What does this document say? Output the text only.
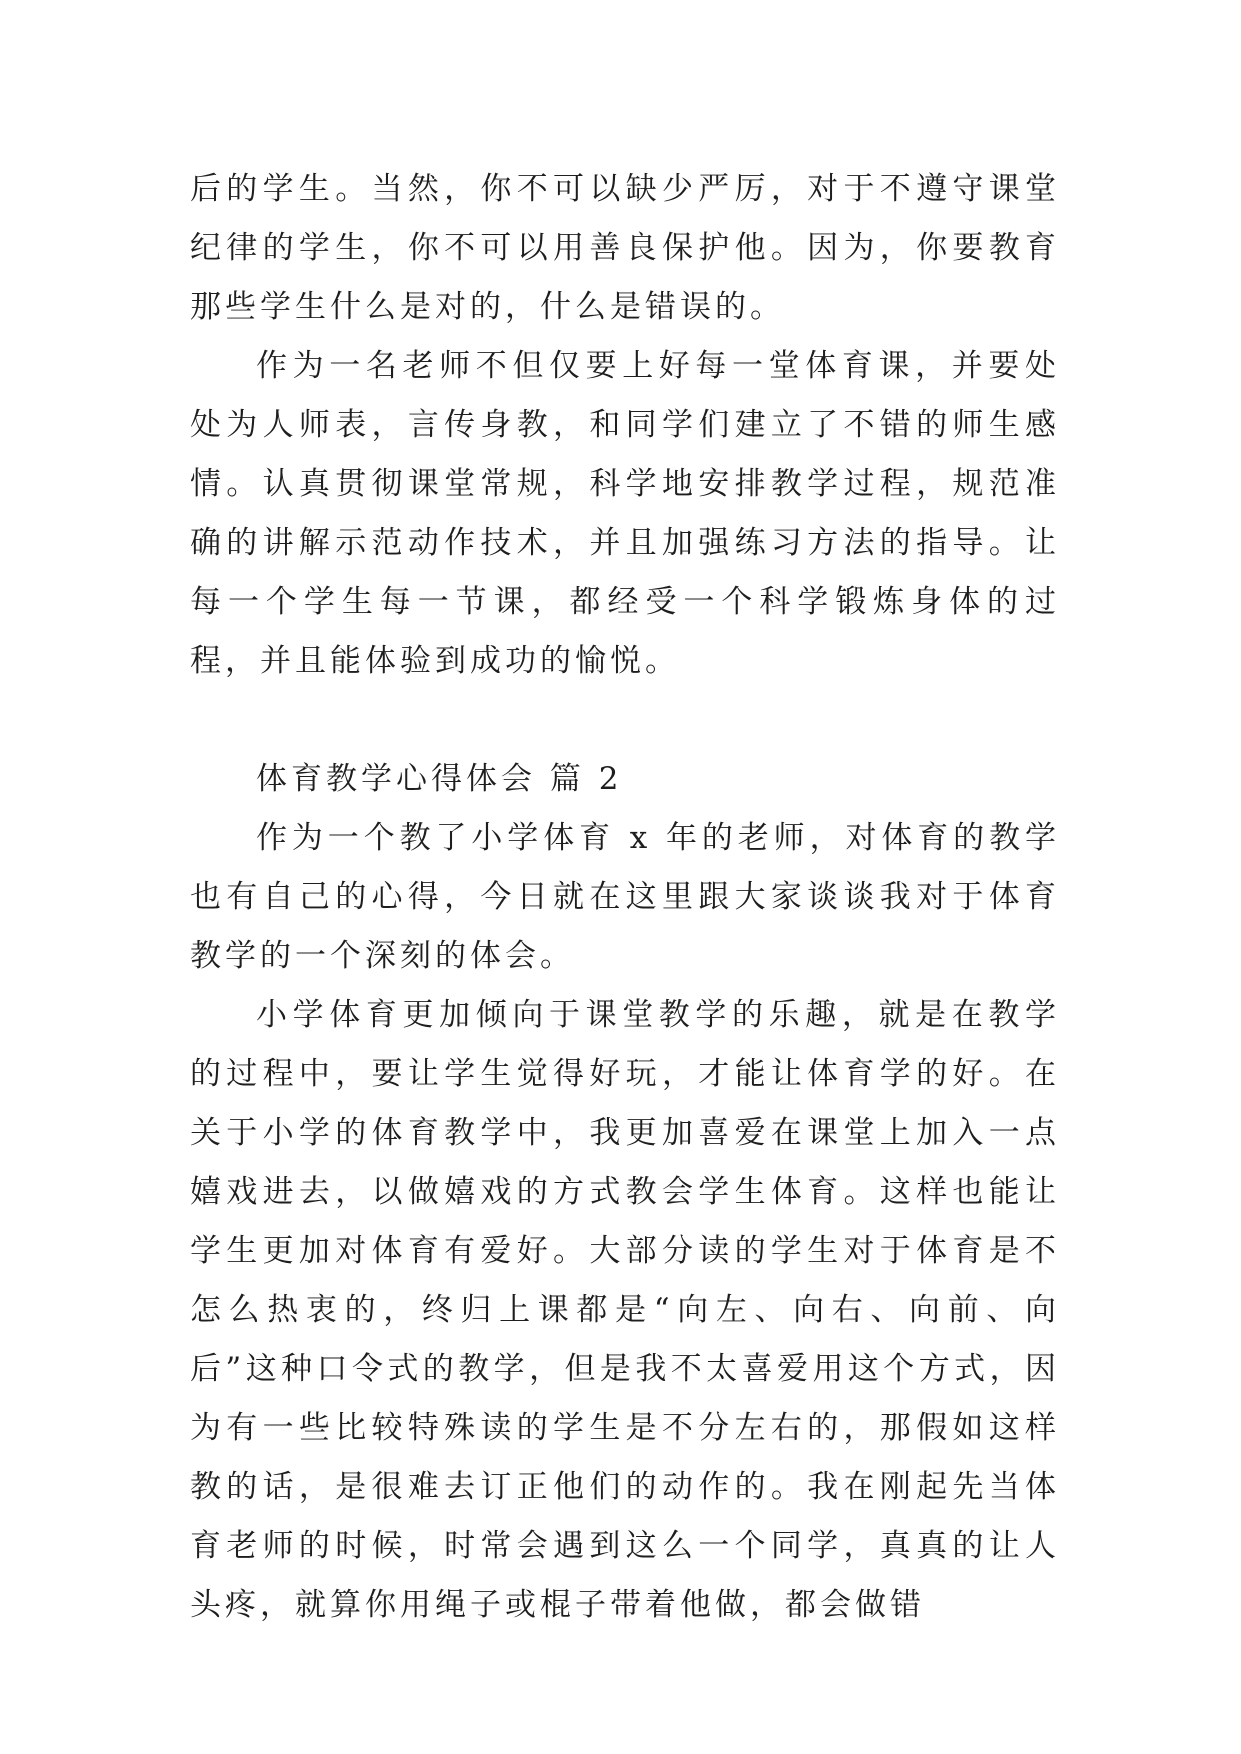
后的学生。当然，你不可以缺少严厉，对于不遵守课堂纪律的学生，你不可以用善良保护他。因为，你要教育那些学生什么是对的，什么是错误的。

作为一名老师不但仅要上好每一堂体育课，并要处处为人师表，言传身教，和同学们建立了不错的师生感情。认真贯彻课堂常规，科学地安排教学过程，规范准确的讲解示范动作技术，并且加强练习方法的指导。让每一个学生每一节课，都经受一个科学锻炼身体的过程，并且能体验到成功的愉悦。

体育教学心得体会 篇 2

作为一个教了小学体育 x 年的老师，对体育的教学也有自己的心得，今日就在这里跟大家谈谈我对于体育教学的一个深刻的体会。

小学体育更加倾向于课堂教学的乐趣，就是在教学的过程中，要让学生觉得好玩，才能让体育学的好。在关于小学的体育教学中，我更加喜爱在课堂上加入一点嬉戏进去，以做嬉戏的方式教会学生体育。这样也能让学生更加对体育有爱好。大部分读的学生对于体育是不怎么热衷的，终归上课都是“向左、向右、向前、向后”这种口令式的教学，但是我不太喜爱用这个方式，因为有一些比较特殊读的学生是不分左右的，那假如这样教的话，是很难去订正他们的动作的。我在刚起先当体育老师的时候，时常会遇到这么一个同学，真真的让人头疼，就算你用绳子或棍子带着他做，都会做错
